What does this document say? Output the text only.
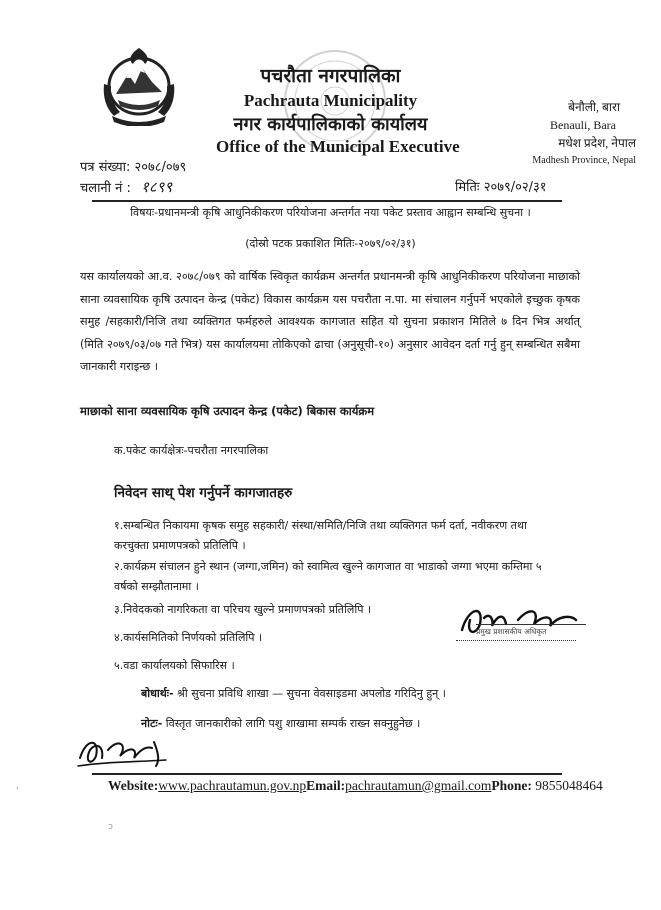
पचरौता नगरपालिका
Pachrauta Municipality
नगर कार्यपालिकाको कार्यालय
Office of the Municipal Executive
बेनौली, बारा
Benauli, Bara
मधेश प्रदेश, नेपाल
Madhesh Province, Nepal
पत्र संख्या: २०७८/०७९
चलानी नं : १८९९	मितिः २०७९/०२/३१
विषयः-प्रधानमन्त्री कृषि आधुनिकीकरण परियोजना अन्तर्गत नया पकेट प्रस्ताव आह्वान सम्बन्धि सुचना ।
(दोस्रो पटक प्रकाशित मितिः-२०७९/०२/३१)
यस कार्यालयको आ.व. २०७८/०७९ को वार्षिक स्विकृत कार्यक्रम अन्तर्गत प्रधानमन्त्री कृषि आधुनिकीकरण परियोजना माछाको साना व्यवसायिक कृषि उत्पादन केन्द्र (पकेट) विकास कार्यक्रम यस पचरौता न.पा. मा संचालन गर्नुपर्ने भएकोले इच्छुक कृषक समुह /सहकारी/निजि तथा व्यक्तिगत फर्महरुले आवश्यक कागजात सहित यो सुचना प्रकाशन मितिले ७ दिन भित्र अर्थात् (मिति २०७९/०३/०७ गते भित्र) यस कार्यालयमा तोकिएको ढाचा (अनुसूची-१०) अनुसार आवेदन दर्ता गर्नु हुन् सम्बन्धित सबैमा जानकारी गराइन्छ ।
माछाको साना व्यवसायिक कृषि उत्पादन केन्द्र (पकेट) बिकास कार्यक्रम
क.पकेट कार्यक्षेत्रः-पचरौता नगरपालिका
निवेदन साथ् पेश गर्नुपर्ने कागजातहरु
१.सम्बन्धित निकायमा कृषक समुह सहकारी/ संस्था/समिति/निजि तथा व्यक्तिगत फर्म दर्ता, नवीकरण तथा करचुक्ता प्रमाणपत्रको प्रतिलिपि ।
२.कार्यक्रम संचालन हुने स्थान (जग्गा,जमिन) को स्वामित्व खुल्ने कागजात वा भाडाको जग्गा भएमा कम्तिमा ५ वर्षको सम्झौतानामा ।
३.निवेदकको नागरिकता वा परिचय खुल्ने प्रमाणपत्रको प्रतिलिपि ।
४.कार्यसमितिको निर्णयको प्रतिलिपि ।
५.वडा कार्यालयको सिफारिस ।
बोधार्थः- श्री सुचना प्रविधि शाखा — सुचना वेवसाइडमा अपलोड गरिदिनु हुन् ।
नोटः- विस्तृत जानकारीको लागि पशु शाखामा सम्पर्क राख्न सक्नुहुनेछ ।
प्रमुख प्रशासकीय अधिकृत
Website:www.pachrautamun.gov.npEmail:pachrautamun@gmail.comPhone: 9855048464
ˈ
ͻ
